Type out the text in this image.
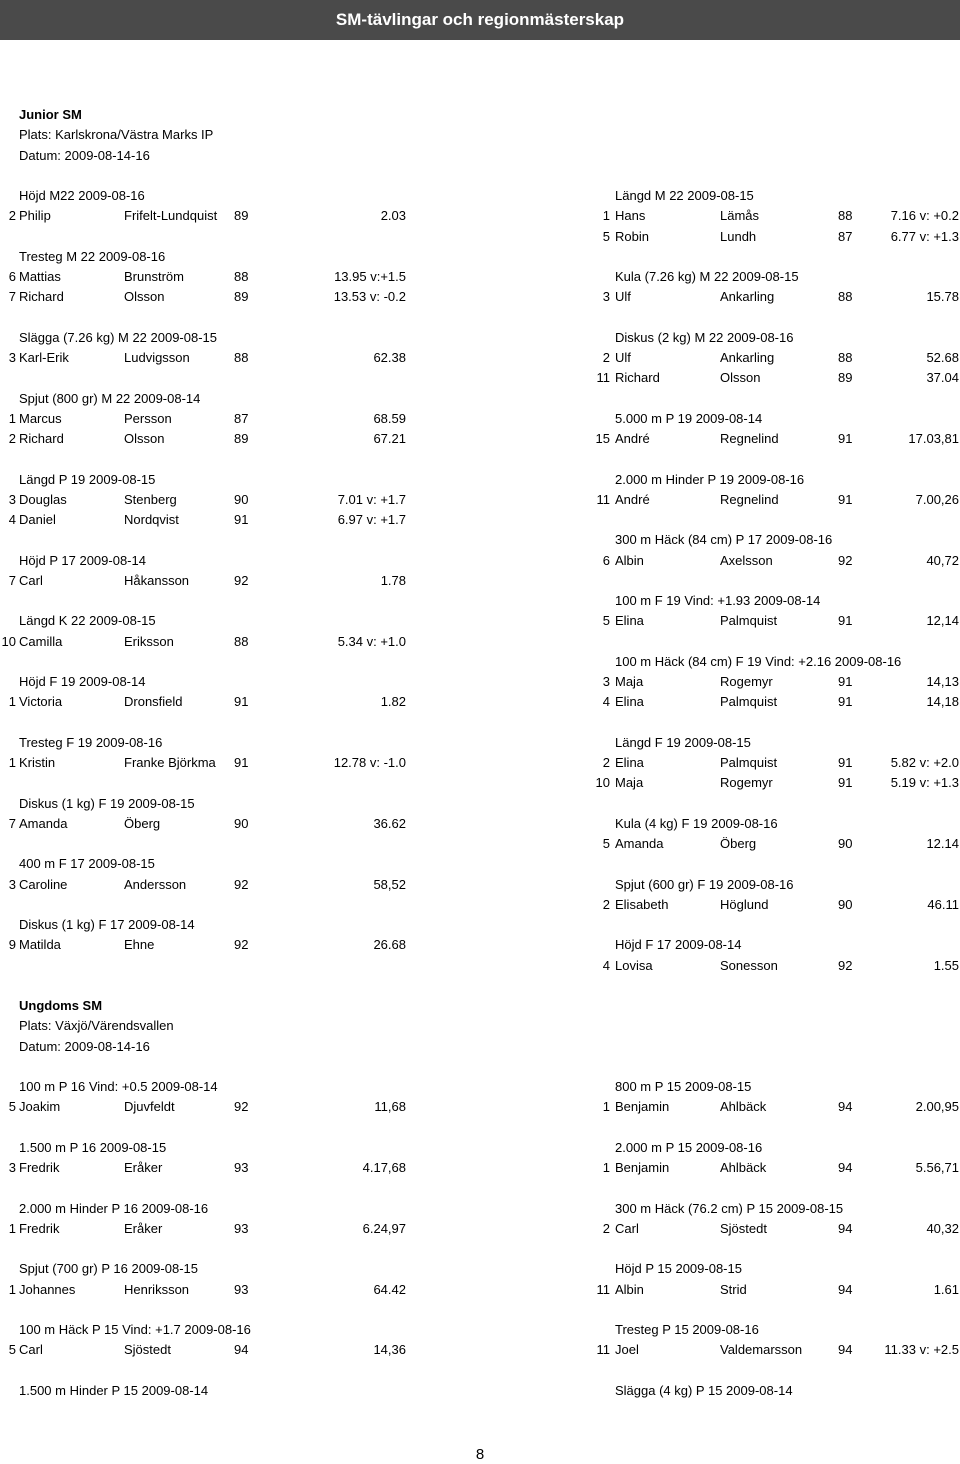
SM-tävlingar och regionmästerskap
Junior SM
Plats: Karlskrona/Västra Marks IP
Datum: 2009-08-14-16
Höjd M22 2009-08-16
2 Philip	Frifelt-Lundquist 89	2.03
Tresteg M 22 2009-08-16
6 Mattias	Brunström	88	13.95 v:+1.5
7 Richard	Olsson	89	13.53 v: -0.2
Slägga (7.26 kg) M 22 2009-08-15
3 Karl-Erik	Ludvigsson	88	62.38
Spjut (800 gr) M 22 2009-08-14
1 Marcus	Persson	87	68.59
2 Richard	Olsson	89	67.21
Längd P 19 2009-08-15
3 Douglas	Stenberg	90	7.01 v: +1.7
4 Daniel	Nordqvist	91	6.97 v: +1.7
Höjd P 17 2009-08-14
7 Carl	Håkansson	92	1.78
Längd K 22 2009-08-15
10 Camilla	Eriksson	88	5.34 v: +1.0
Höjd F 19 2009-08-14
1 Victoria	Dronsfield	91	1.82
Tresteg F 19 2009-08-16
1 Kristin	Franke Björkma 91	12.78 v: -1.0
Diskus (1 kg) F 19 2009-08-15
7 Amanda	Öberg	90	36.62
400 m F 17 2009-08-15
3 Caroline	Andersson	92	58,52
Diskus (1 kg) F 17 2009-08-14
9 Matilda	Ehne	92	26.68
Ungdoms SM
Plats: Växjö/Värendsvallen
Datum: 2009-08-14-16
100 m P 16 Vind: +0.5 2009-08-14
5 Joakim	Djuvfeldt	92	11,68
1.500 m P 16 2009-08-15
3 Fredrik	Eråker	93	4.17,68
2.000 m Hinder P 16 2009-08-16
1 Fredrik	Eråker	93	6.24,97
Spjut (700 gr) P 16 2009-08-15
1 Johannes	Henriksson	93	64.42
100 m Häck P 15 Vind: +1.7 2009-08-16
5 Carl	Sjöstedt	94	14,36
1.500 m Hinder P 15 2009-08-14
Längd M 22 2009-08-15
1 Hans	Lämås	88	7.16 v: +0.2
5 Robin	Lundh	87	6.77 v: +1.3
Kula (7.26 kg) M 22 2009-08-15
3 Ulf	Ankarling	88	15.78
Diskus (2 kg) M 22 2009-08-16
2 Ulf	Ankarling	88	52.68
11 Richard	Olsson	89	37.04
5.000 m P 19 2009-08-14
15 André	Regnelind	91	17.03,81
2.000 m Hinder P 19 2009-08-16
11 André	Regnelind	91	7.00,26
300 m Häck (84 cm) P 17 2009-08-16
6 Albin	Axelsson	92	40,72
100 m F 19 Vind: +1.93 2009-08-14
5 Elina	Palmquist	91	12,14
100 m Häck (84 cm) F 19 Vind: +2.16 2009-08-16
3 Maja	Rogemyr	91	14,13
4 Elina	Palmquist	91	14,18
Längd F 19 2009-08-15
2 Elina	Palmquist	91	5.82 v: +2.0
10 Maja	Rogemyr	91	5.19 v: +1.3
Kula (4 kg) F 19 2009-08-16
5 Amanda	Öberg	90	12.14
Spjut (600 gr) F 19 2009-08-16
2 Elisabeth	Höglund	90	46.11
Höjd F 17 2009-08-14
4 Lovisa	Sonesson	92	1.55
800 m P 15 2009-08-15
1 Benjamin	Ahlbäck	94	2.00,95
2.000 m P 15 2009-08-16
1 Benjamin	Ahlbäck	94	5.56,71
300 m Häck (76.2 cm) P 15 2009-08-15
2 Carl	Sjöstedt	94	40,32
Höjd P 15 2009-08-15
11 Albin	Strid	94	1.61
Tresteg P 15 2009-08-16
11 Joel	Valdemarsson	94 11.33 v: +2.5
Slägga (4 kg) P 15 2009-08-14
8
